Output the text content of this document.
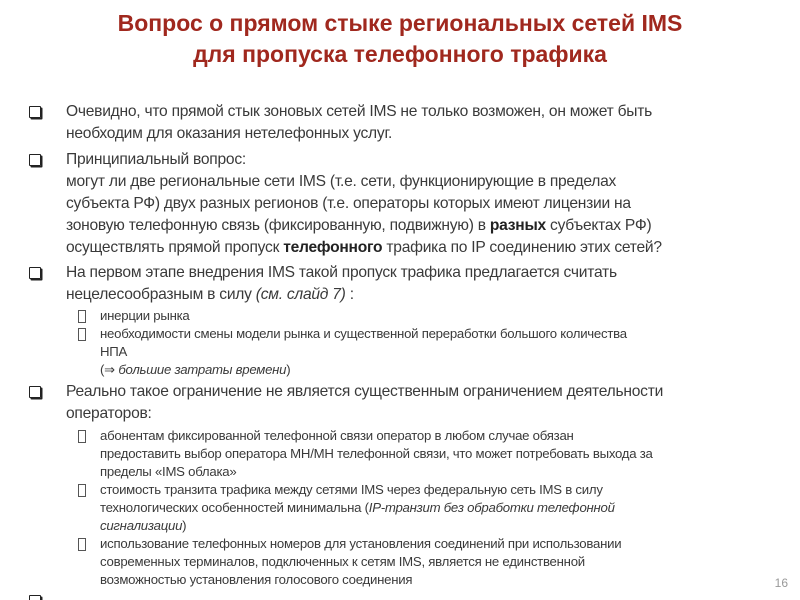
Вопрос о прямом стыке региональных сетей IMS
для пропуска телефонного трафика
Очевидно, что прямой стык зоновых сетей IMS не только возможен, он может быть
необходим для оказания нетелефонных услуг.
Принципиальный вопрос:
могут ли две региональные сети IMS (т.е. сети, функционирующие в пределах
субъекта РФ) двух разных регионов (т.е. операторы которых имеют лицензии на
зоновую телефонную связь (фиксированную, подвижную) в разных субъектах РФ)
осуществлять прямой пропуск телефонного трафика по IP соединению этих сетей?
На первом этапе внедрения IMS такой пропуск трафика предлагается считать
нецелесообразным в силу (см. слайд 7) :
инерции рынка
необходимости смены модели рынка и существенной переработки большого количества
НПА
(⇒ большие затраты времени)
Реально такое ограничение не является существенным ограничением деятельности
операторов:
абонентам фиксированной телефонной связи оператор в любом случае обязан
предоставить выбор оператора МН/МН телефонной связи, что может потребовать выхода за
пределы «IMS облака»
стоимость транзита трафика между сетями IMS через федеральную сеть IMS в силу
технологических особенностей минимальна (IP-транзит без обработки телефонной
сигнализации)
использование телефонных номеров для установления соединений при использовании
современных терминалов, подключенных к сетям IMS, является не единственной
возможностью установления голосового соединения	16
